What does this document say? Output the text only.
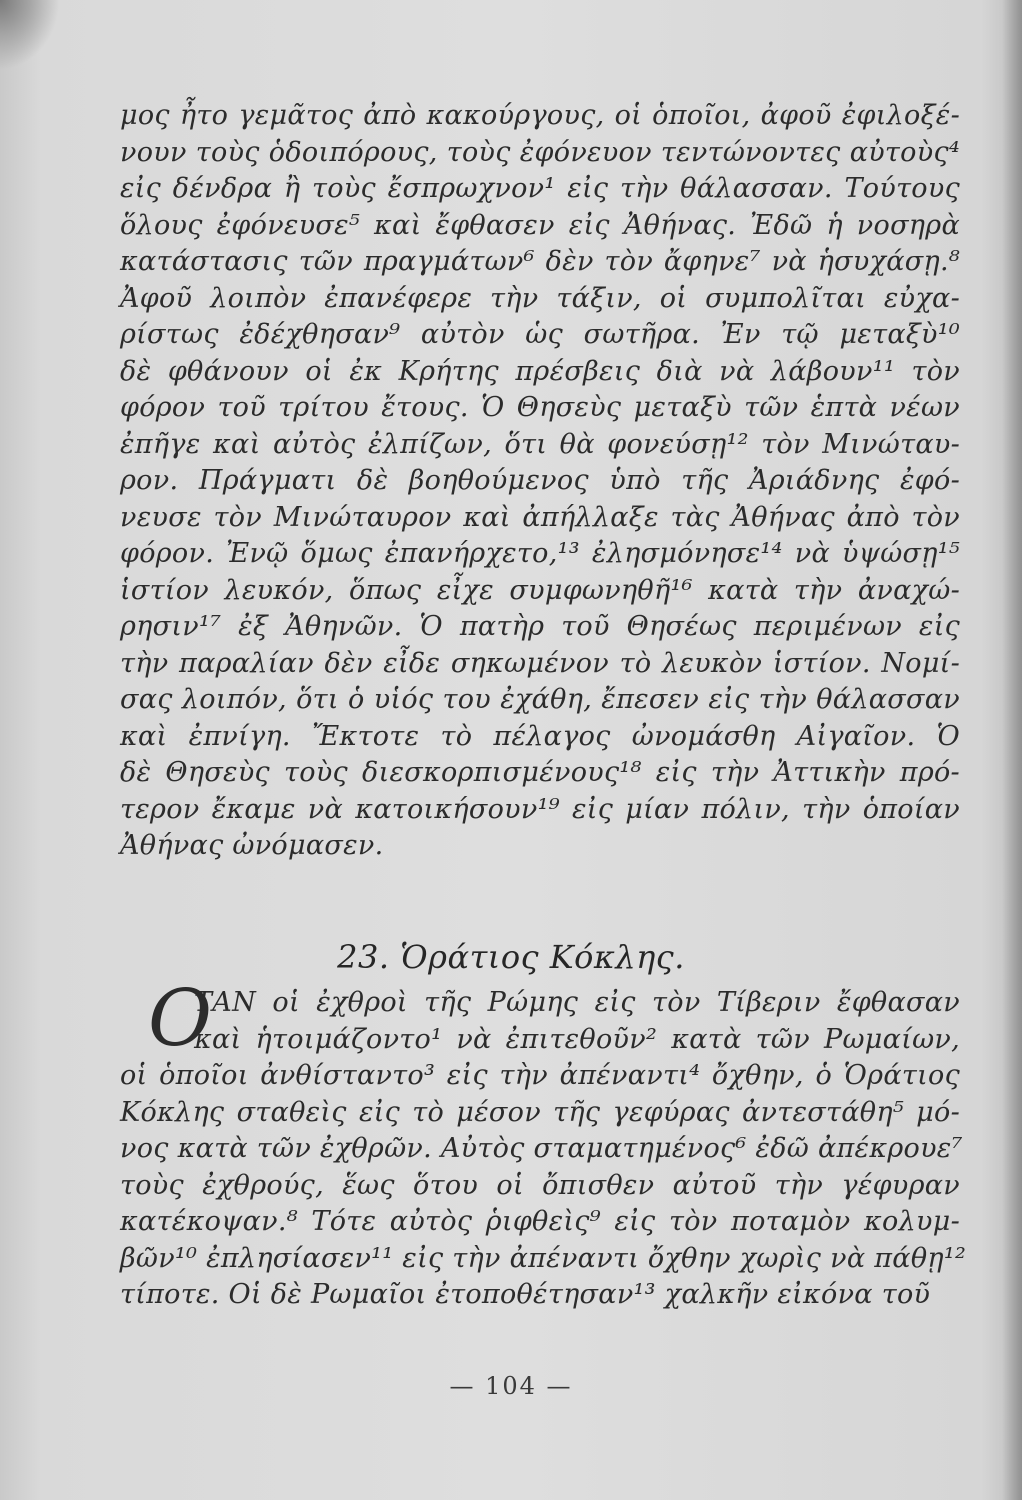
μος ἦτο γεμᾶτος ἀπὸ κακούργους, οἱ ὁποῖοι, ἀφοῦ ἐφιλοξέ-
νουν τοὺς ὁδοιπόρους, τοὺς ἐφόνευον τεντώνοντες αὐτοὺς⁴
εἰς δένδρα ἢ τοὺς ἔσπρωχνον¹ εἰς τὴν θάλασσαν. Τούτους
ὅλους ἐφόνευσε⁵ καὶ ἔφθασεν εἰς Ἀθήνας. Ἐδῶ ἡ νοσηρὰ
κατάστασις τῶν πραγμάτων⁶ δὲν τὸν ἄφηνε⁷ νὰ ἡσυχάσῃ.⁸
Ἀφοῦ λοιπὸν ἐπανέφερε τὴν τάξιν, οἱ συμπολῖται εὐχα-
ρίστως ἐδέχθησαν⁹ αὐτὸν ὡς σωτῆρα. Ἐν τῷ μεταξὺ¹⁰
δὲ φθάνουν οἱ ἐκ Κρήτης πρέσβεις διὰ νὰ λάβουν¹¹ τὸν
φόρον τοῦ τρίτου ἔτους. Ὁ Θησεὺς μεταξὺ τῶν ἑπτὰ νέων
ἐπῆγε καὶ αὐτὸς ἐλπίζων, ὅτι θὰ φονεύσῃ¹² τὸν Μινώταυ-
ρον. Πράγματι δὲ βοηθούμενος ὑπὸ τῆς Ἀριάδνης ἐφό-
νευσε τὸν Μινώταυρον καὶ ἀπήλλαξε τὰς Ἀθήνας ἀπὸ τὸν
φόρον. Ἐνῷ ὅμως ἐπανήρχετο,¹³ ἐλησμόνησε¹⁴ νὰ ὑψώσῃ¹⁵
ἱστίον λευκόν, ὅπως εἶχε συμφωνηθῆ¹⁶ κατὰ τὴν ἀναχώ-
ρησιν¹⁷ ἐξ Ἀθηνῶν. Ὁ πατὴρ τοῦ Θησέως περιμένων εἰς
τὴν παραλίαν δὲν εἶδε σηκωμένον τὸ λευκὸν ἱστίον. Νομί-
σας λοιπόν, ὅτι ὁ υἱός του ἐχάθη, ἔπεσεν εἰς τὴν θάλασσαν
καὶ ἐπνίγη. Ἔκτοτε τὸ πέλαγος ὠνομάσθη Αἰγαῖον. Ὁ
δὲ Θησεὺς τοὺς διεσκορπισμένους¹⁸ εἰς τὴν Ἀττικὴν πρό-
τερον ἔκαμε νὰ κατοικήσουν¹⁹ εἰς μίαν πόλιν, τὴν ὁποίαν
Ἀθήνας ὠνόμασεν.
23. Ὁράτιος Κόκλης.
Ο
ΤΑΝ οἱ ἐχθροὶ τῆς Ρώμης εἰς τὸν Τίβεριν ἔφθασαν
καὶ ἡτοιμάζοντο¹ νὰ ἐπιτεθοῦν² κατὰ τῶν Ρωμαίων,
οἱ ὁποῖοι ἀνθίσταντο³ εἰς τὴν ἀπέναντι⁴ ὄχθην, ὁ Ὁράτιος
Κόκλης σταθεὶς εἰς τὸ μέσον τῆς γεφύρας ἀντεστάθη⁵ μό-
νος κατὰ τῶν ἐχθρῶν. Αὐτὸς σταματημένος⁶ ἐδῶ ἀπέκρουε⁷
τοὺς ἐχθρούς, ἕως ὅτου οἱ ὄπισθεν αὐτοῦ τὴν γέφυραν
κατέκοψαν.⁸ Τότε αὐτὸς ῥιφθεὶς⁹ εἰς τὸν ποταμὸν κολυμ-
βῶν¹⁰ ἐπλησίασεν¹¹ εἰς τὴν ἀπέναντι ὄχθην χωρὶς νὰ πάθῃ¹²
τίποτε. Οἱ δὲ Ρωμαῖοι ἐτοποθέτησαν¹³ χαλκῆν εἰκόνα τοῦ
— 104 —
